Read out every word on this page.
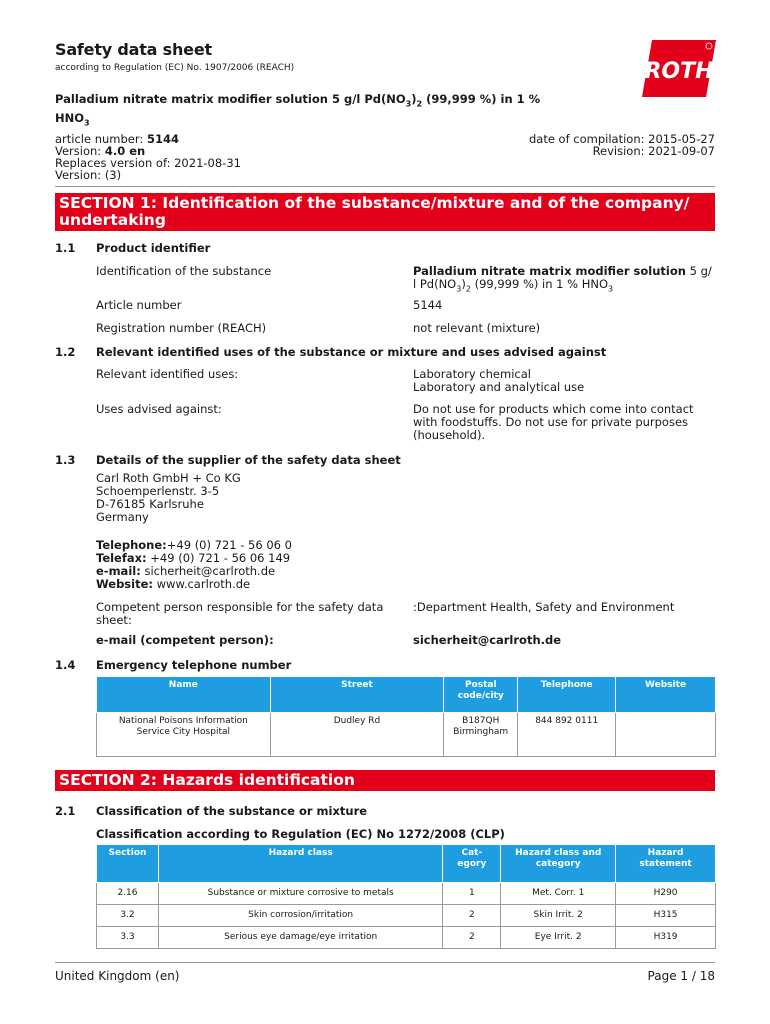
Safety data sheet
according to Regulation (EC) No. 1907/2006 (REACH)	ROTH
Palladium nitrate matrix modifier solution 5 g/l $Pd(NO_3)_2$ (99,999 %) in 1 %
$HNO_3$
article number: 5144
Version: 4.0 en
Replaces version of: 2021-08-31
Version: (3)
date of compilation: 2015-05-27
Revision: 2021-09-07
SECTION 1: Identification of the substance/mixture and of the company/ undertaking
1.1 Product identifier
Identification of the substance	Palladium nitrate matrix modifier solution 5 g/
l $Pd(NO_3)_2$ (99,999 %) in 1 % $HNO_3$
Article number	5144
Registration number (REACH)	not relevant (mixture)
1.2 Relevant identified uses of the substance or mixture and uses advised against
Relevant identified uses:	Laboratory chemical
Laboratory and analytical use
Uses advised against:	Do not use for products which come into contact
with foodstuffs. Do not use for private purposes
(household).
1.3 Details of the supplier of the safety data sheet
Carl Roth GmbH + Co KG
Schoemperlenstr. 3-5
D-76185 Karlsruhe
Germany
Telephone:+49 (0) 721 - 56 06 0
Telefax: +49 (0) 721 - 56 06 149
e-mail: sicherheit@carlroth.de
Website: www.carlroth.de
Competent person responsible for the safety data
sheet:
:Department Health, Safety and Environment
e-mail (competent person):	sicherheit@carlroth.de
1.4 Emergency telephone number
Name	Street	Postal code/city	Telephone	Website
National Poisons Information Service City Hospital	Dudley Rd	B187QH Birmingham	844 892 0111	
SECTION 2: Hazards identification
2.1 Classification of the substance or mixture
Classification according to Regulation (EC) No 1272/2008 (CLP)
Section	Hazard class	Cat-egory	Hazard class and category	Hazard statement
2.16	Substance or mixture corrosive to metals	1	Met. Corr. 1	H290
3.2	Skin corrosion/irritation	2	Skin Irrit. 2	H315
3.3	Serious eye damage/eye irritation	2	Eye Irrit. 2	H319
United Kingdom (en)	Page 1 / 18
